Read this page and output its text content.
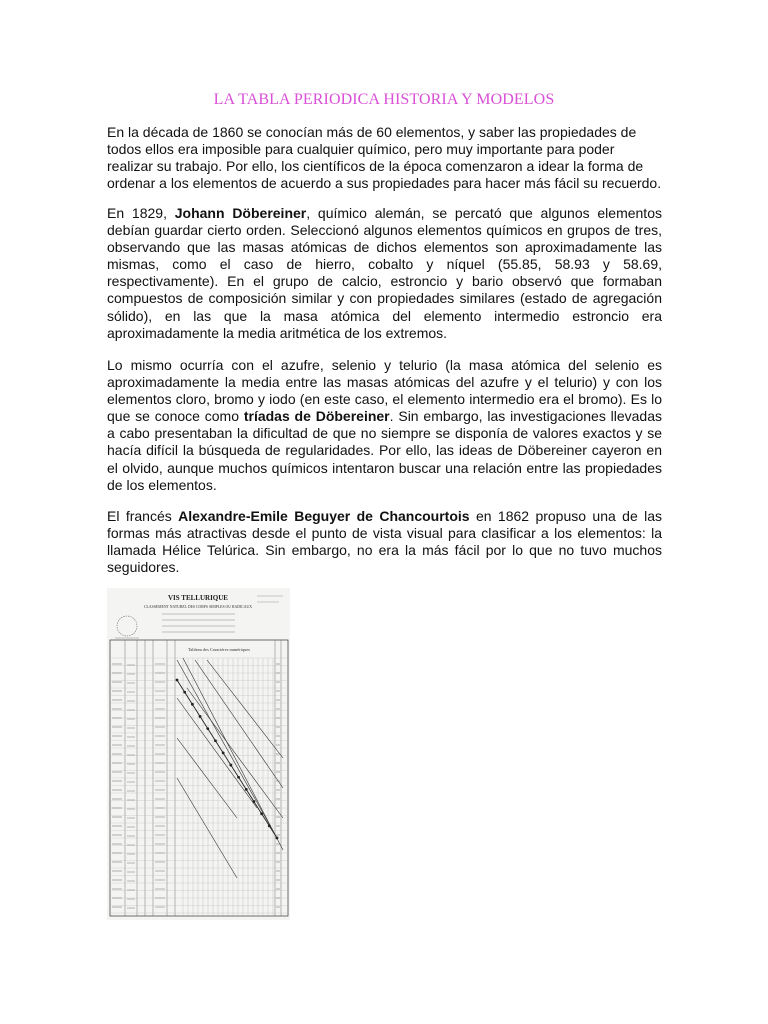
LA TABLA PERIODICA HISTORIA Y MODELOS

En la década de 1860 se conocían más de 60 elementos, y saber las propiedades de todos ellos era imposible para cualquier químico, pero muy importante para poder realizar su trabajo. Por ello, los científicos de la época comenzaron a idear la forma de ordenar a los elementos de acuerdo a sus propiedades para hacer más fácil su recuerdo.

En 1829, Johann Döbereiner, químico alemán, se percató que algunos elementos debían guardar cierto orden. Seleccionó algunos elementos químicos en grupos de tres, observando que las masas atómicas de dichos elementos son aproximadamente las mismas, como el caso de hierro, cobalto y níquel (55.85, 58.93 y 58.69, respectivamente). En el grupo de calcio, estroncio y bario observó que formaban compuestos de composición similar y con propiedades similares (estado de agregación sólido), en las que la masa atómica del elemento intermedio estroncio era aproximadamente la media aritmética de los extremos.

Lo mismo ocurría con el azufre, selenio y telurio (la masa atómica del selenio es aproximadamente la media entre las masas atómicas del azufre y el telurio) y con los elementos cloro, bromo y iodo (en este caso, el elemento intermedio era el bromo). Es lo que se conoce como tríadas de Döbereiner. Sin embargo, las investigaciones llevadas a cabo presentaban la dificultad de que no siempre se disponía de valores exactos y se hacía difícil la búsqueda de regularidades. Por ello, las ideas de Döbereiner cayeron en el olvido, aunque muchos químicos intentaron buscar una relación entre las propiedades de los elementos.

El francés Alexandre-Emile Beguyer de Chancourtois en 1862 propuso una de las formas más atractivas desde el punto de vista visual para clasificar a los elementos: la llamada Hélice Telúrica. Sin embargo, no era la más fácil por lo que no tuvo muchos seguidores.

VIS TELLURIQUE
CLASSEMENT NATUREL DES CORPS SIMPLES OU RADICAUX
Tableau des Caractères numériques
